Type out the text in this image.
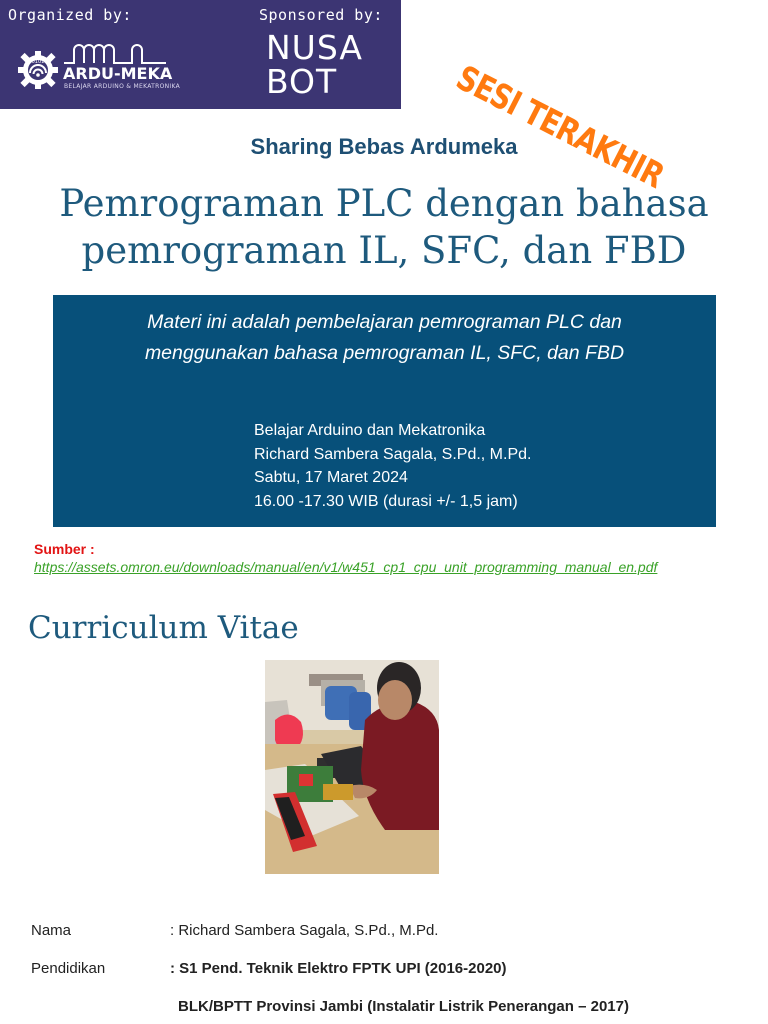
Organized by:	Sponsored by:
0101
ARDU-MEKA
BELAJAR ARDUINO & MEKATRONIKA
NUSA
BOT	SESI TERAKHIR
Sharing Bebas Ardumeka
Pemrograman PLC dengan bahasa
pemrograman IL, SFC, dan FBD
Materi ini adalah pembelajaran pemrograman PLC dan
menggunakan bahasa pemrograman IL, SFC, dan FBD
Belajar Arduino dan Mekatronika
Richard Sambera Sagala, S.Pd., M.Pd.
Sabtu, 17 Maret 2024
16.00 -17.30 WIB (durasi +/- 1,5 jam)
Sumber :
https://assets.omron.eu/downloads/manual/en/v1/w451_cp1_cpu_unit_programming_manual_en.pdf
Curriculum Vitae
Nama	: Richard Sambera Sagala, S.Pd., M.Pd.
Pendidikan	: S1 Pend. Teknik Elektro FPTK UPI (2016-2020)
BLK/BPTT Provinsi Jambi (Instalatir Listrik Penerangan – 2017)
